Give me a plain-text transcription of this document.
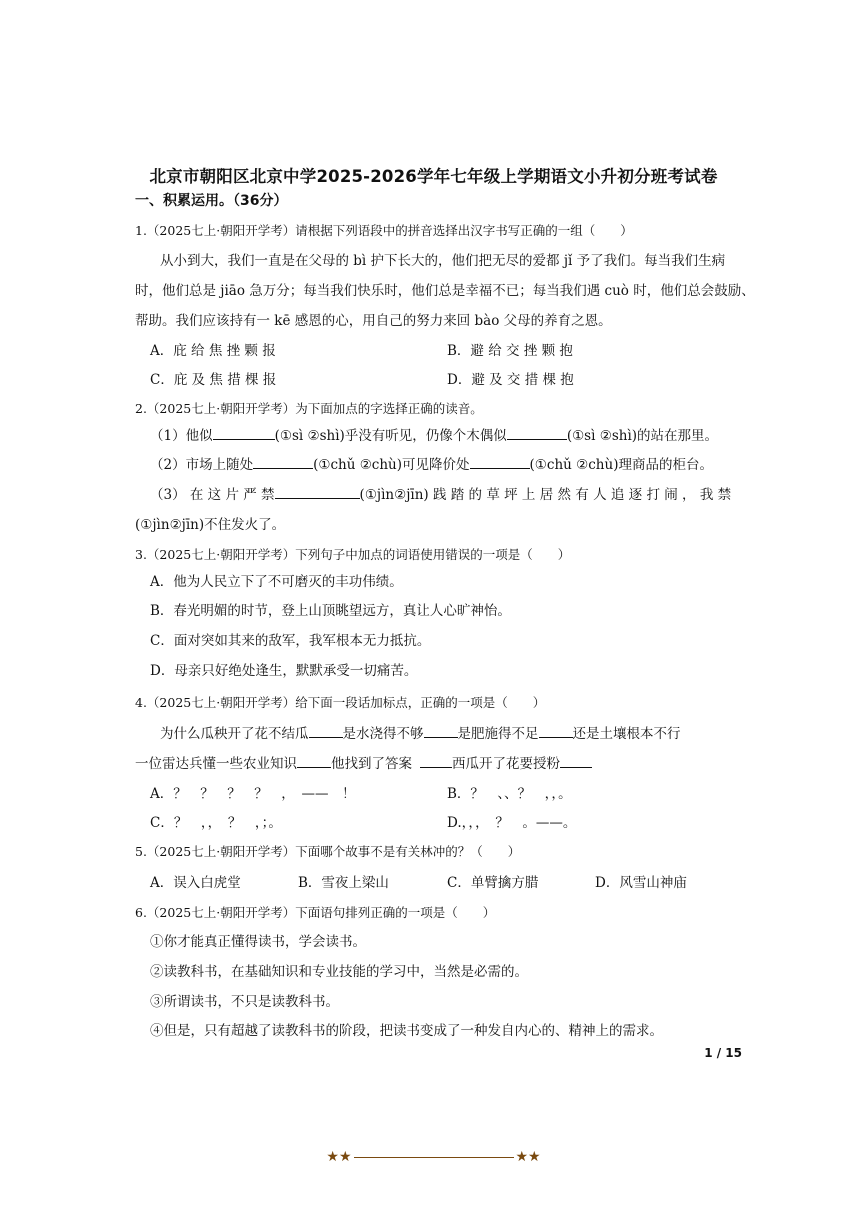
北京市朝阳区北京中学2025-2026学年七年级上学期语文小升初分班考试卷
一、积累运用。（36分）
1.（2025七上·朝阳开学考）请根据下列语段中的拼音选择出汉字书写正确的一组（　　）
从小到大，我们一直是在父母的 bì 护下长大的，他们把无尽的爱都 jǐ 予了我们。每当我们生病
时，他们总是 jiāo 急万分；每当我们快乐时，他们总是幸福不已；每当我们遇 cuò 时，他们总会鼓励、
帮助。我们应该持有一 kē 感恩的心，用自己的努力来回 bào 父母的养育之恩。
A．庇 给 焦 挫 颗 报	B．避 给 交 挫 颗 抱
C．庇 及 焦 措 棵 报	D．避 及 交 措 棵 抱
2.（2025七上·朝阳开学考）为下面加点的字选择正确的读音。
（1）他似	(①sì ②shì)乎没有听见，仍像个木偶似	(①sì ②shì)的站在那里。
（2）市场上随处	(①chǔ ②chù)可见降价处	(①chǔ ②chù)理商品的柜台。
（3） 在 这 片 严 禁	(①jìn②jīn) 践 踏 的 草 坪 上 居 然 有 人 追 逐 打 闹 ， 我 禁
(①jìn②jīn)不住发火了。
3.（2025七上·朝阳开学考）下列句子中加点的词语使用错误的一项是（　　）
A．他为人民立下了不可磨灭的丰功伟绩。
B．春光明媚的时节，登上山顶眺望远方，真让人心旷神怡。
C．面对突如其来的敌军，我军根本无力抵抗。
D．母亲只好绝处逢生，默默承受一切痛苦。
4.（2025七上·朝阳开学考）给下面一段话加标点，正确的一项是（　　）
为什么瓜秧开了花不结瓜	是水浇得不够	是肥施得不足	还是土壤根本不行
一位雷达兵懂一些农业知识	他找到了答案	西瓜开了花要授粉
A．？　？　？　？　，　——　！	B．？　、、？　，，。
C．？　，，　？　，；。	D.，，，　？　。——。
5.（2025七上·朝阳开学考）下面哪个故事不是有关林冲的？（　　）
A．误入白虎堂	B．雪夜上梁山	C．单臂擒方腊	D．风雪山神庙
6.（2025七上·朝阳开学考）下面语句排列正确的一项是（　　）
①你才能真正懂得读书，学会读书。
②读教科书，在基础知识和专业技能的学习中，当然是必需的。
③所谓读书，不只是读教科书。
④但是，只有超越了读教科书的阶段，把读书变成了一种发自内心的、精神上的需求。
1 / 15
★★	★★
